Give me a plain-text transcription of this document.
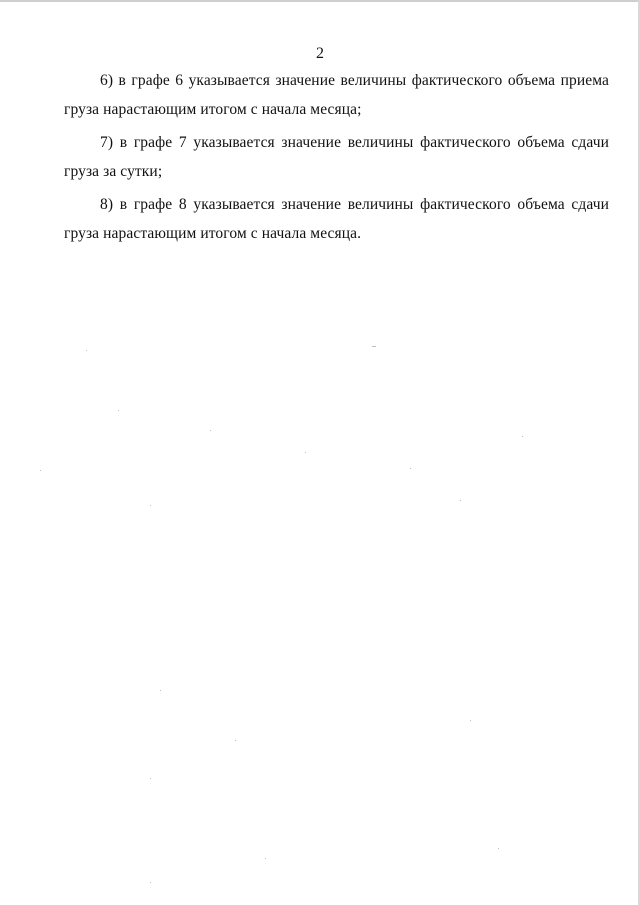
2

6) в графе 6 указывается значение величины фактического объема приема груза нарастающим итогом с начала месяца;

7) в графе 7 указывается значение величины фактического объема сдачи груза за сутки;

8) в графе 8 указывается значение величины фактического объема сдачи груза нарастающим итогом с начала месяца.
